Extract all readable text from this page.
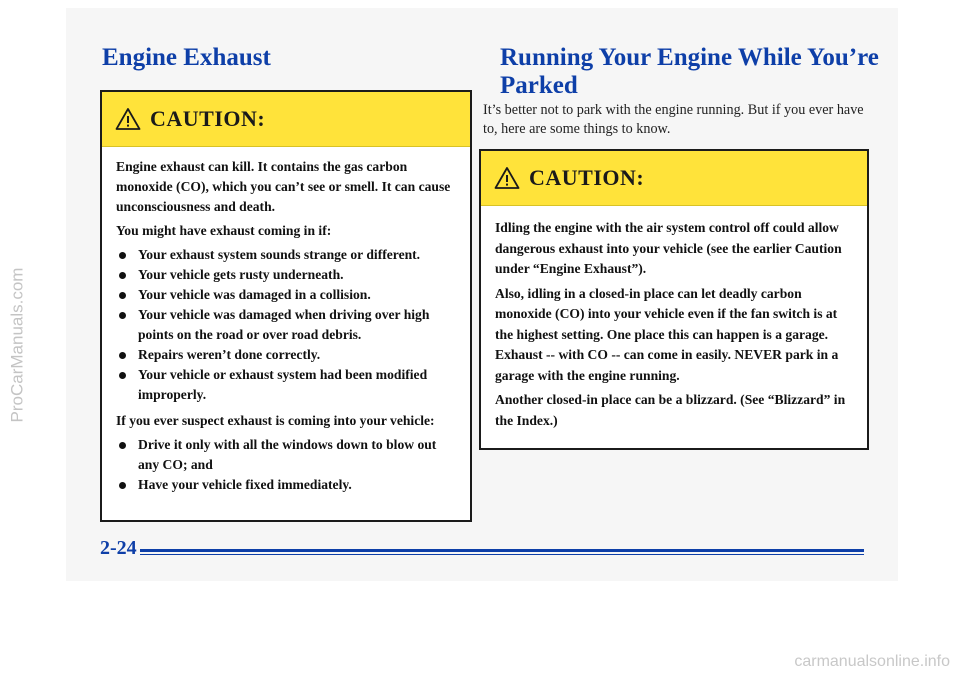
ProCarManuals.com
Engine Exhaust
CAUTION:

Engine exhaust can kill. It contains the gas carbon monoxide (CO), which you can’t see or smell. It can cause unconsciousness and death.

You might have exhaust coming in if:

Your exhaust system sounds strange or different.
Your vehicle gets rusty underneath.
Your vehicle was damaged in a collision.
Your vehicle was damaged when driving over high points on the road or over road debris.
Repairs weren’t done correctly.
Your vehicle or exhaust system had been modified improperly.

If you ever suspect exhaust is coming into your vehicle:

Drive it only with all the windows down to blow out any CO; and
Have your vehicle fixed immediately.
Running Your Engine While You’re Parked

It’s better not to park with the engine running. But if you ever have to, here are some things to know.

CAUTION:

Idling the engine with the air system control off could allow dangerous exhaust into your vehicle (see the earlier Caution under “Engine Exhaust”).

Also, idling in a closed-in place can let deadly carbon monoxide (CO) into your vehicle even if the fan switch is at the highest setting. One place this can happen is a garage. Exhaust -- with CO -- can come in easily. NEVER park in a garage with the engine running.

Another closed-in place can be a blizzard. (See “Blizzard” in the Index.)

2-24
carmanualsonline.info
